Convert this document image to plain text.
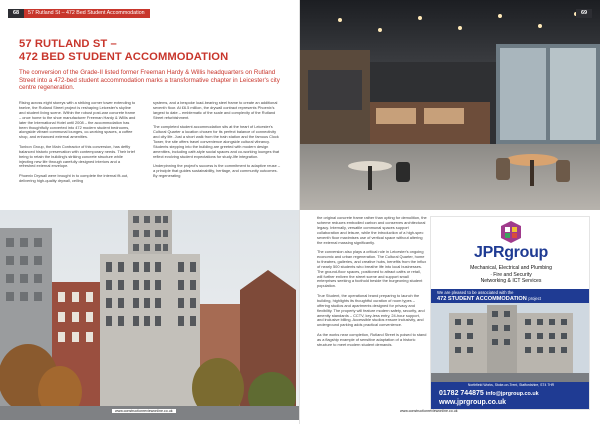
68	57 Rutland St – 472 Bed Student Accommodation
57 RUTLAND ST –
472 BED STUDENT ACCOMMODATION

The conversion of the Grade-II listed former Freeman Hardy & Willis headquarters on Rutland Street into a 472-bed student accommodation marks a transformative chapter in Leicester's city centre regeneration.

Rising across eight storeys with a striking corner tower extending to twelve, the Rutland Street project is reshaping Leicester's skyline and student living scene. Within the robust post-war concrete frame – once home to the shoe manufacturer Freeman Hardy & Willis and later the International Hotel until 2008 – the accommodation has been thoughtfully converted into 472 modern student bedrooms, alongside vibrant communal lounges, co-working spaces, a coffee shop, and enhanced external amenities.

Tonbon Group, the Main Contractor of this conversion, has deftly balanced historic preservation with contemporary needs. Their brief being to retain the building's striking concrete structure while injecting new life through carefully designed interiors and a refreshed external envelope.

Phoenix Drywall were brought in to complete the internal fit-out, delivering high-quality drywall, ceiling

systems, and a bespoke load-bearing steel frame to create an additional seventh floor. At £6.5 million, the drywall contract represents Phoenix's largest to date – emblematic of the scale and complexity of the Rutland Street refurbishment.

The completed student accommodation sits at the heart of Leicester's Cultural Quarter a location chosen for its perfect balance of connectivity and city life. Just a short walk from the train station and the famous Clock Tower, the site offers travel convenience alongside cultural vibrancy. Students stepping into the building are greeted with modern design amenities, including café-style social spaces and co-working lounges that reflect evolving student expectations for study-life integration.

Underpinning the project's success is the commitment to adaptive reuse – a principle that guides sustainability, heritage, and community outcomes. By regenerating

www.constructionreviewonline.co.uk
69

the original concrete frame rather than opting for demolition, the scheme reduces embodied carbon and conserves architectural legacy. Internally, versatile communal spaces support collaboration and leisure, while the introduction of a high-spec seventh floor maximises use of vertical space without altering the external massing significantly.

The conversion also plays a critical role in Leicester's ongoing economic and urban regeneration. The Cultural Quarter, home to theatres, galleries, and creative hubs, benefits from the influx of nearly 500 students who breathe life into local businesses. The ground-floor spaces, positioned to attract cafés or retail, will further enliven the street scene and support small enterprises seeking a foothold beside the burgeoning student population.

True Student, the operational brand preparing to launch the building, highlights its thoughtful curation of room types – offering studios and apartments designed for privacy and flexibility. The property will feature modern safety, security, and amenity standards – CCTV, key-less entry, 24-hour support, and inclusive billing. Accessible studios ensure inclusivity, and underground parking adds practical convenience.

As the works near completion, Rutland Street is poised to stand as a flagship example of sensitive adaptation of a historic structure to meet modern student demands.

JPRgroup
Mechanical, Electrical and Plumbing
· Fire and Security
Networking & ICT Services
We are pleased to be associated with the
472 STUDENT ACCOMMODATION project
Northfield Works, Stoke-on-Trent, Staffordshire, ST4 7HR
01782 744875 info@jprgroup.co.uk
www.jprgroup.co.uk
www.constructionreviewonline.co.uk
